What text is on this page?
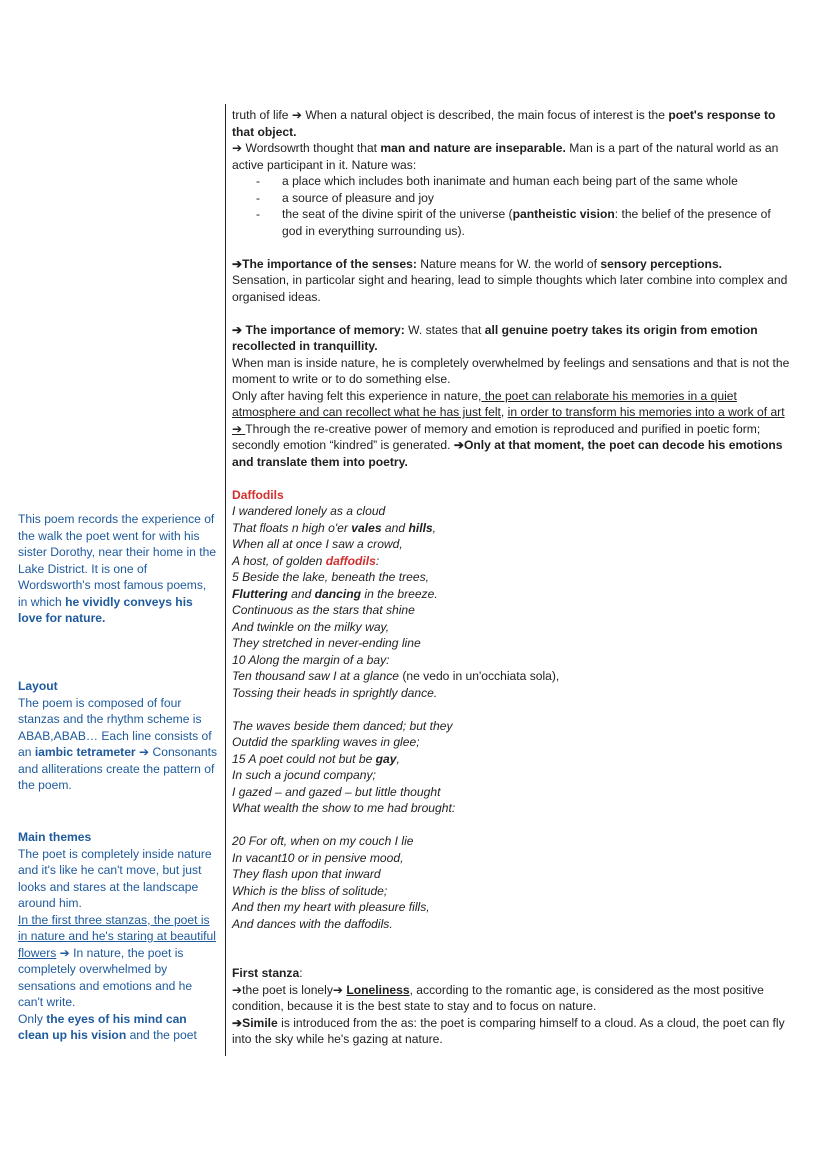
truth of life ➔ When a natural object is described, the main focus of interest is the poet's response to that object.

➔ Wordsowrth thought that man and nature are inseparable. Man is a part of the natural world as an active participant in it. Nature was:

- a place which includes both inanimate and human each being part of the same whole
- a source of pleasure and joy
- the seat of the divine spirit of the universe (pantheistic vision: the belief of the presence of god in everything surrounding us).

➔The importance of the senses: Nature means for W. the world of sensory perceptions.

Sensation, in particolar sight and hearing, lead to simple thoughts which later combine into complex and organised ideas.

➔ The importance of memory: W. states that all genuine poetry takes its origin from emotion recollected in tranquillity.

When man is inside nature, he is completely overwhelmed by feelings and sensations and that is not the moment to write or to do something else.

Only after having felt this experience in nature, the poet can relaborate his memories in a quiet atmosphere and can recollect what he has just felt, in order to transform his memories into a work of art ➔ Through the re-creative power of memory and emotion is reproduced and purified in poetic form; secondly emotion “kindred” is generated. ➔Only at that moment, the poet can decode his emotions and translate them into poetry.

Daffodils

I wandered lonely as a cloud

That floats n high o'er vales and hills,

When all at once I saw a crowd,

A host, of golden daffodils:

5 Beside the lake, beneath the trees,

Fluttering and dancing in the breeze.

Continuous as the stars that shine

And twinkle on the milky way,

They stretched in never-ending line

10 Along the margin of a bay:

Ten thousand saw I at a glance (ne vedo in un'occhiata sola),

Tossing their heads in sprightly dance.

The waves beside them danced; but they

Outdid the sparkling waves in glee;

15 A poet could not but be gay,

In such a jocund company;

I gazed – and gazed – but little thought

What wealth the show to me had brought:

20 For oft, when on my couch I lie

In vacant10 or in pensive mood,

They flash upon that inward

Which is the bliss of solitude;

And then my heart with pleasure fills,

And dances with the daffodils.

First stanza:

➔the poet is lonely➔ Loneliness, according to the romantic age, is considered as the most positive condition, because it is the best state to stay and to focus on nature.

➔Simile is introduced from the as: the poet is comparing himself to a cloud. As a cloud, the poet can fly into the sky while he's gazing at nature.

This poem records the experience of the walk the poet went for with his sister Dorothy, near their home in the Lake District. It is one of Wordsworth's most famous poems, in which he vividly conveys his love for nature.

Layout

The poem is composed of four stanzas and the rhythm scheme is ABAB,ABAB… Each line consists of an iambic tetrameter ➔ Consonants and alliterations create the pattern of the poem.

Main themes

The poet is completely inside nature and it's like he can't move, but just looks and stares at the landscape around him.

In the first three stanzas, the poet is in nature and he's staring at beautiful flowers ➔ In nature, the poet is completely overwhelmed by sensations and emotions and he can't write.

Only the eyes of his mind can clean up his vision and the poet
